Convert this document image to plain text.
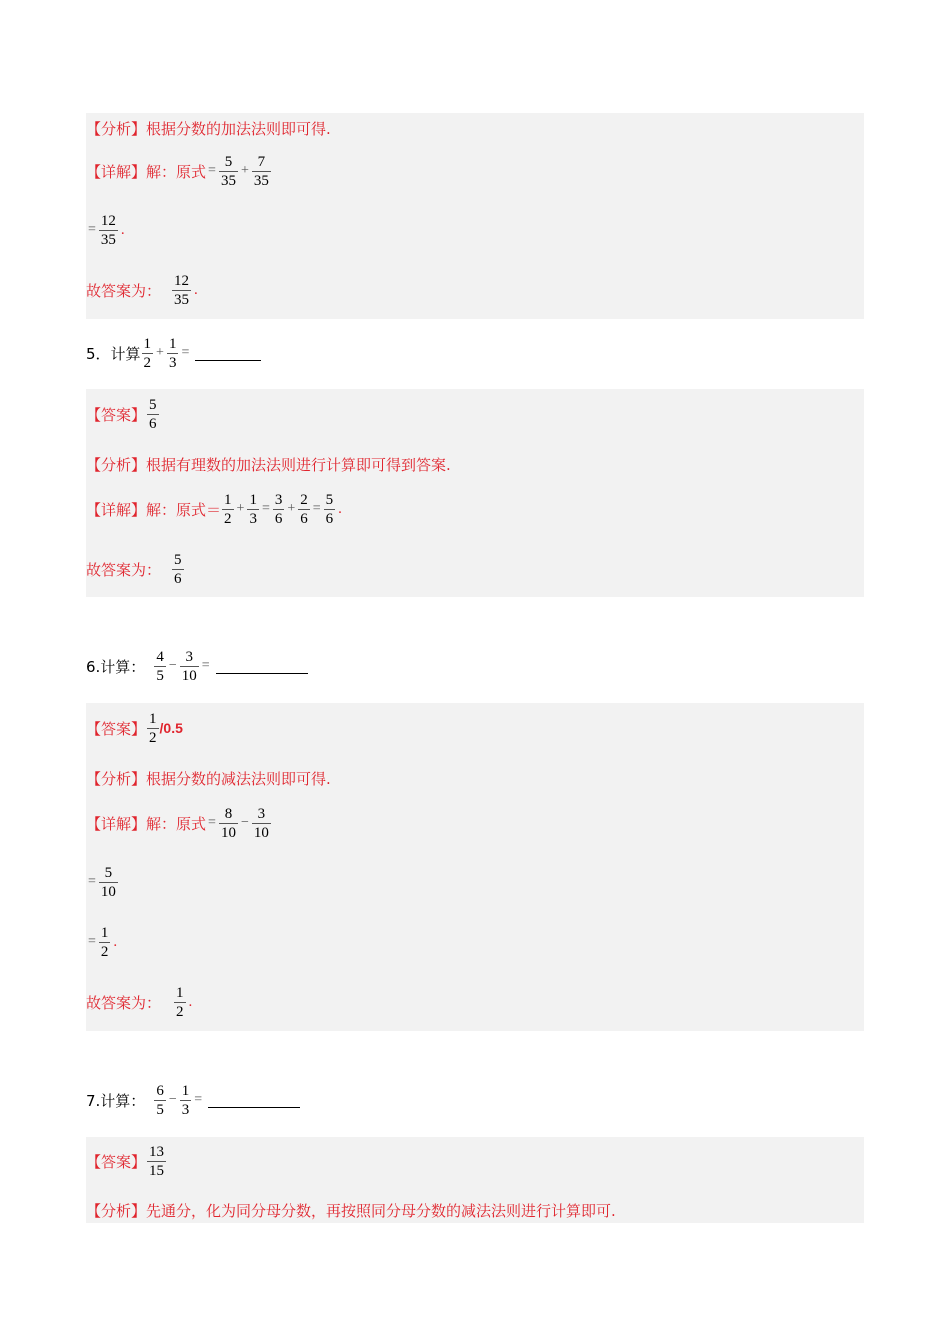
【分析】 根据分数的加法法则即可得.
【详解】 解：原式 = $\frac{5}{35} + \frac{7}{35}$
= $\frac{12}{35}$ .
故答案为： $\frac{12}{35}$ .
5．计算 $\frac{1}{2} + \frac{1}{3}$ =
【答案】 $\frac{5}{6}$
【分析】 根据有理数的加法法则进行计算即可得到答案.
【详解】 解：原式＝ $\frac{1}{2} + \frac{1}{3} = \frac{3}{6} + \frac{2}{6} = \frac{5}{6}$ .
故答案为： $\frac{5}{6}$
6.计算： $\frac{4}{5} - \frac{3}{10}$ =
【答案】 $\frac{1}{2} /0.5$
【分析】 根据分数的减法法则即可得.
【详解】 解：原式 = $\frac{8}{10} - \frac{3}{10}$
= $\frac{5}{10}$
= $\frac{1}{2}$ .
故答案为： $\frac{1}{2}$ .
7.计算： $\frac{6}{5} - \frac{1}{3}$ =
【答案】 $\frac{13}{15}$
【分析】 先通分，化为同分母分数，再按照同分母分数的减法法则进行计算即可.
